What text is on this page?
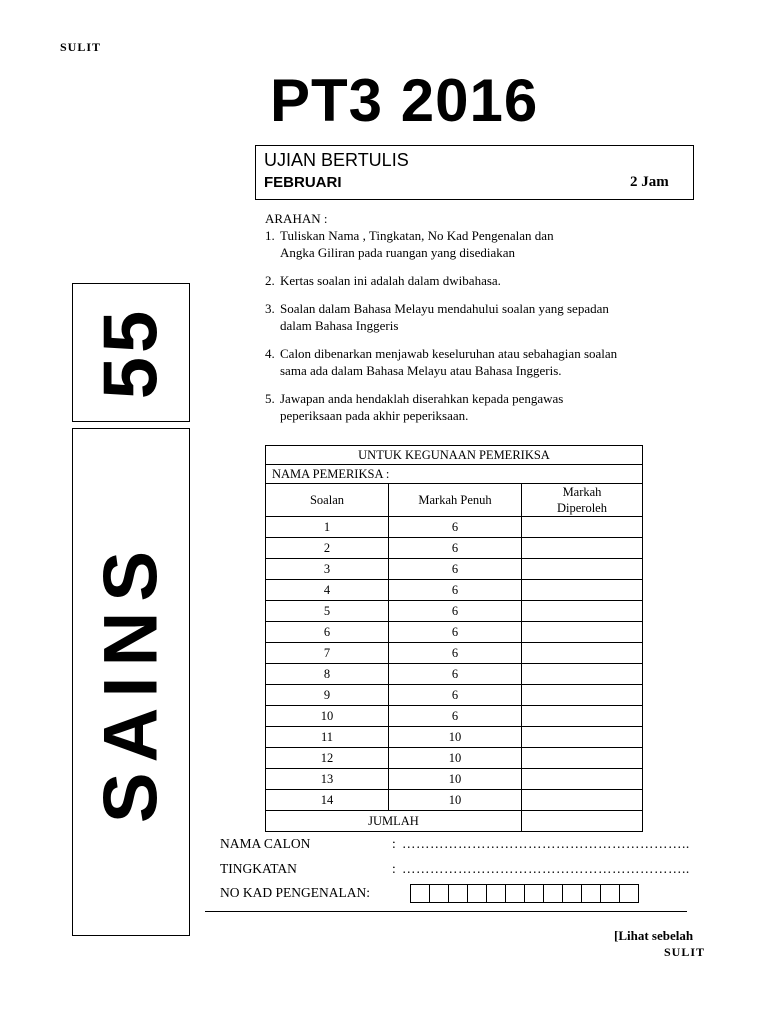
SULIT
PT3 2016
UJIAN BERTULIS
FEBRUARI	2 Jam
55
SAINS
ARAHAN :
1. Tuliskan Nama , Tingkatan, No Kad Pengenalan dan
Angka Giliran pada ruangan yang disediakan
2. Kertas soalan ini adalah dalam dwibahasa.
3. Soalan dalam Bahasa Melayu mendahului soalan yang sepadan
dalam Bahasa Inggeris
4. Calon dibenarkan menjawab keseluruhan atau sebahagian soalan
sama ada dalam Bahasa Melayu atau Bahasa Inggeris.
5. Jawapan anda hendaklah diserahkan kepada pengawas
peperiksaan pada akhir peperiksaan.
UNTUK KEGUNAAN PEMERIKSA		
NAMA PEMERIKSA :		
Soalan	Markah Penuh	Markah
Diperoleh

1	6	
2	6	
3	6	
4	6	
5	6	
6	6	
7	6	
8	6	
9	6	
10	6	
11	10	
12	10	
13	10	
14	10	
JUMLAH		
NAMA CALON	: ……………………………………………………..
TINGKATAN	: ……………………………………………………..
NO KAD PENGENALAN:
[Lihat sebelah
SULIT
